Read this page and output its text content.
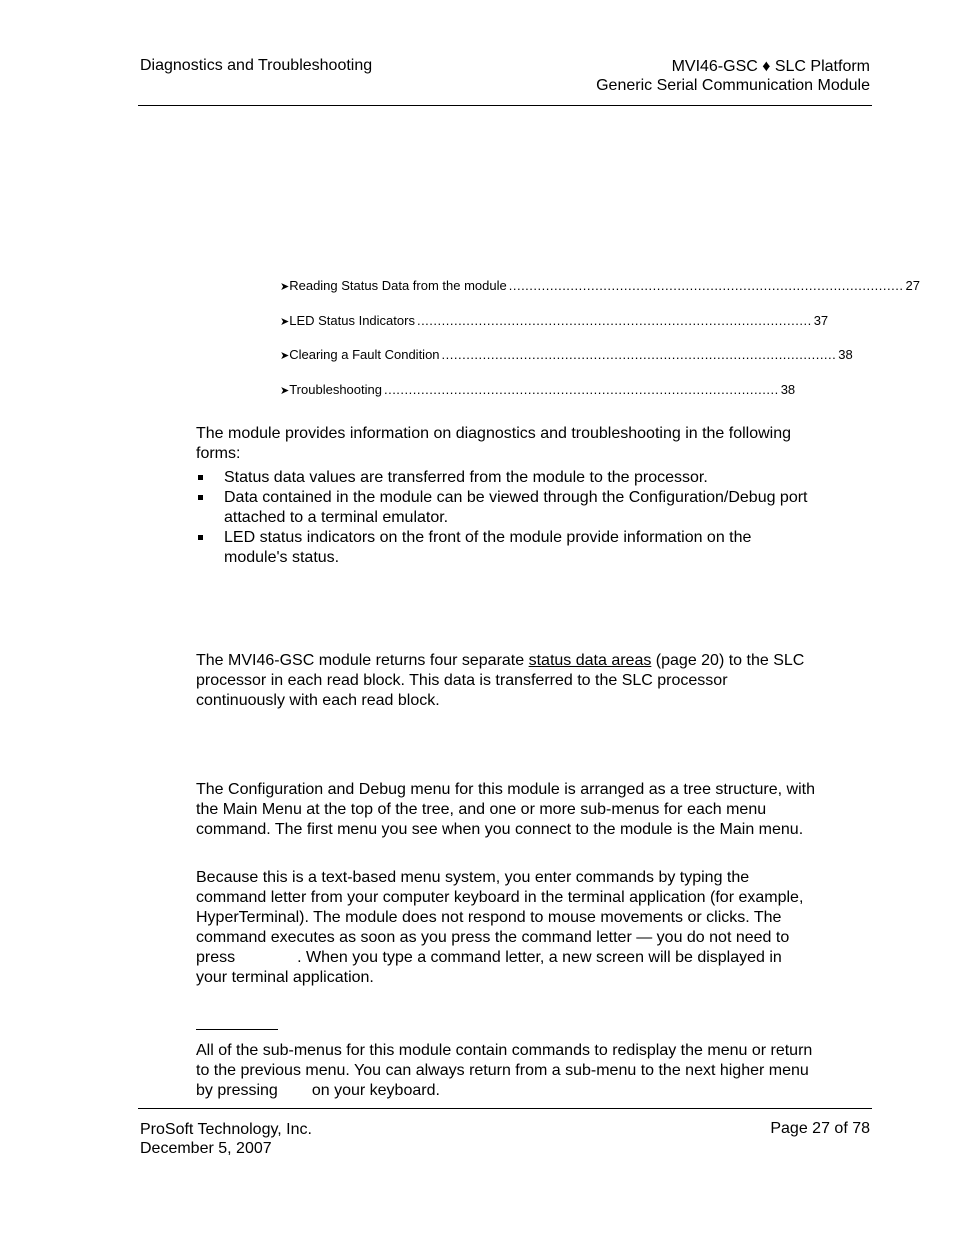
Diagnostics and Troubleshooting	MVI46-GSC ♦ SLC Platform
Generic Serial Communication Module
➤ Reading Status Data from the module ................................................................................................ 27
➤ LED Status Indicators ................................................................................................ 37
➤ Clearing a Fault Condition ................................................................................................ 38
➤ Troubleshooting ................................................................................................ 38
The module provides information on diagnostics and troubleshooting in the following forms:
Status data values are transferred from the module to the processor.
Data contained in the module can be viewed through the Configuration/Debug port attached to a terminal emulator.
LED status indicators on the front of the module provide information on the module's status.
The MVI46-GSC module returns four separate status data areas (page 20) to the SLC processor in each read block. This data is transferred to the SLC processor continuously with each read block.
The Configuration and Debug menu for this module is arranged as a tree structure, with the Main Menu at the top of the tree, and one or more sub-menus for each menu command. The first menu you see when you connect to the module is the Main menu.
Because this is a text-based menu system, you enter commands by typing the command letter from your computer keyboard in the terminal application (for example, HyperTerminal). The module does not respond to mouse movements or clicks. The command executes as soon as you press the command letter — you do not need to press	. When you type a command letter, a new screen will be displayed in your terminal application.
All of the sub-menus for this module contain commands to redisplay the menu or return to the previous menu. You can always return from a sub-menu to the next higher menu by pressing on your keyboard.
ProSoft Technology, Inc.
December 5, 2007
Page 27 of 78
